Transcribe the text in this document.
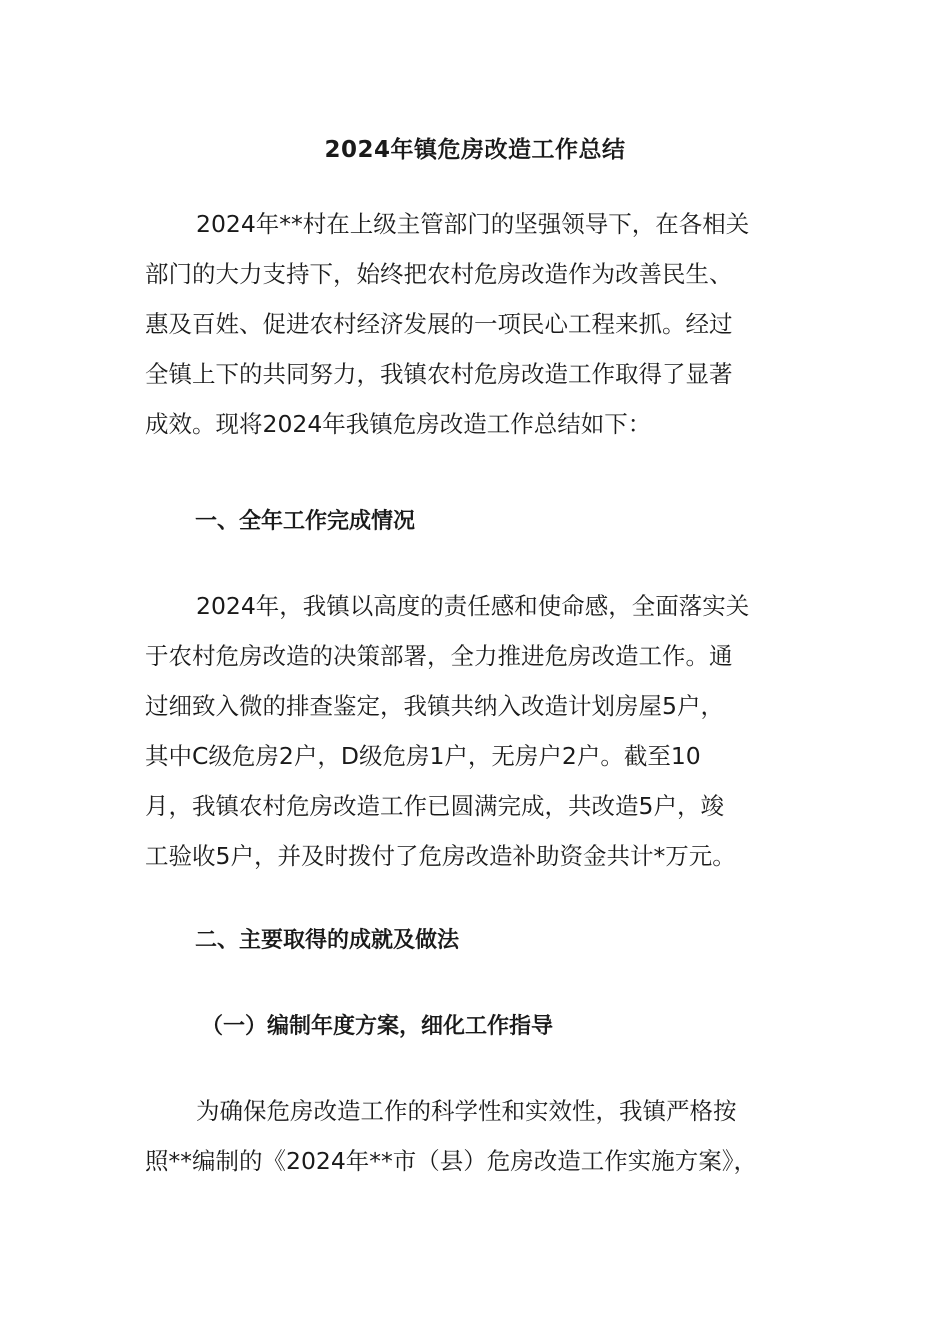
2024年镇危房改造工作总结

2024年**村在上级主管部门的坚强领导下，在各相关
部门的大力支持下，始终把农村危房改造作为改善民生、
惠及百姓、促进农村经济发展的一项民心工程来抓。经过
全镇上下的共同努力，我镇农村危房改造工作取得了显著
成效。现将2024年我镇危房改造工作总结如下：

一、全年工作完成情况

2024年，我镇以高度的责任感和使命感，全面落实关
于农村危房改造的决策部署，全力推进危房改造工作。通
过细致入微的排查鉴定，我镇共纳入改造计划房屋5户，
其中C级危房2户，D级危房1户，无房户2户。截至10
月，我镇农村危房改造工作已圆满完成，共改造5户，竣
工验收5户，并及时拨付了危房改造补助资金共计*万元。

二、主要取得的成就及做法
（一）编制年度方案，细化工作指导

为确保危房改造工作的科学性和实效性，我镇严格按
照**编制的《2024年**市（县）危房改造工作实施方案》，
